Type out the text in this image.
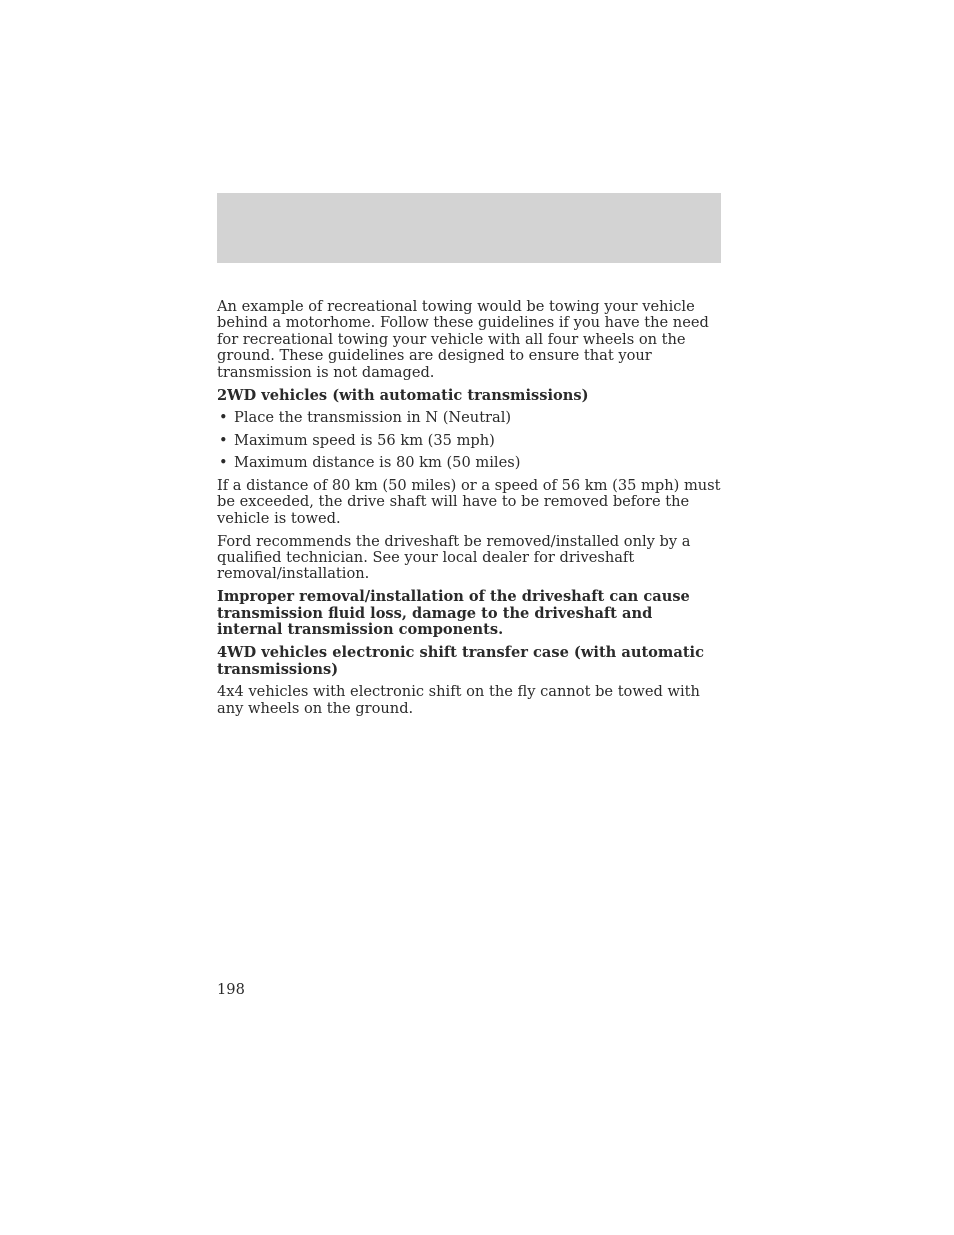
An example of recreational towing would be towing your vehicle behind a motorhome. Follow these guidelines if you have the need for recreational towing your vehicle with all four wheels on the ground. These guidelines are designed to ensure that your transmission is not damaged.

2WD vehicles (with automatic transmissions)

• Place the transmission in N (Neutral)
• Maximum speed is 56 km (35 mph)
• Maximum distance is 80 km (50 miles)

If a distance of 80 km (50 miles) or a speed of 56 km (35 mph) must be exceeded, the drive shaft will have to be removed before the vehicle is towed.

Ford recommends the driveshaft be removed/installed only by a qualified technician. See your local dealer for driveshaft removal/installation.

Improper removal/installation of the driveshaft can cause transmission fluid loss, damage to the driveshaft and internal transmission components.

4WD vehicles electronic shift transfer case (with automatic transmissions)

4x4 vehicles with electronic shift on the fly cannot be towed with any wheels on the ground.

198
